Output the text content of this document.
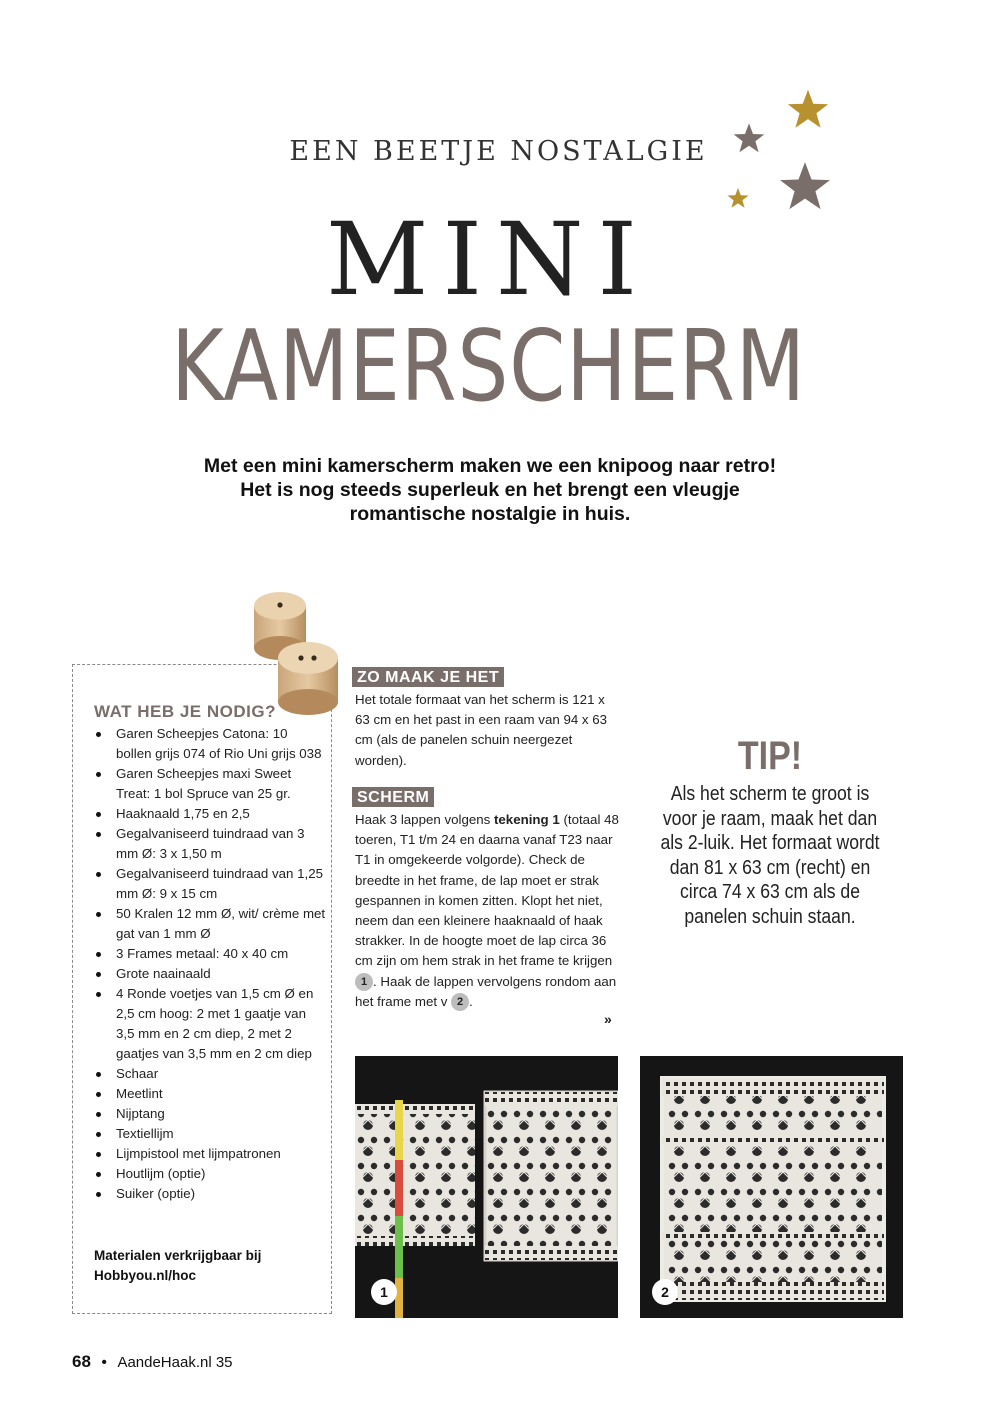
EEN BEETJE NOSTALGIE
MINI
KAMERSCHERM
Met een mini kamerscherm maken we een knipoog naar retro! Het is nog steeds superleuk en het brengt een vleugje romantische nostalgie in huis.
WAT HEB JE NODIG?
Garen Scheepjes Catona: 10 bollen grijs 074 of Rio Uni grijs 038
Garen Scheepjes maxi Sweet Treat: 1 bol Spruce van 25 gr.
Haaknaald 1,75 en 2,5
Gegalvaniseerd tuindraad van 3 mm Ø: 3 x 1,50 m
Gegalvaniseerd tuindraad van 1,25 mm Ø: 9 x 15 cm
50 Kralen 12 mm Ø, wit/ crème met gat van 1 mm Ø
3 Frames metaal: 40 x 40 cm
Grote naainaald
4 Ronde voetjes van 1,5 cm Ø en 2,5 cm hoog: 2 met 1 gaatje van 3,5 mm en 2 cm diep, 2 met 2 gaatjes van 3,5 mm en 2 cm diep
Schaar
Meetlint
Nijptang
Textiellijm
Lijmpistool met lijmpatronen
Houtlijm (optie)
Suiker (optie)
Materialen verkrijgbaar bij Hobbyou.nl/hoc
ZO MAAK JE HET
Het totale formaat van het scherm is 121 x 63 cm en het past in een raam van 94 x 63 cm (als de panelen schuin neergezet worden).
SCHERM
Haak 3 lappen volgens tekening 1 (totaal 48 toeren, T1 t/m 24 en daarna vanaf T23 naar T1 in omgekeerde volgorde). Check de breedte in het frame, de lap moet er strak gespannen in komen zitten. Klopt het niet, neem dan een kleinere haaknaald of haak strakker. In de hoogte moet de lap circa 36 cm zijn om hem strak in het frame te krijgen 1 . Haak de lappen vervolgens rondom aan het frame met v 2 .
»
TIP!
Als het scherm te groot is voor je raam, maak het dan als 2-luik. Het formaat wordt dan 81 x 63 cm (recht) en circa 74 x 63 cm als de panelen schuin staan.
1	2
68 • AandeHaak.nl 35
